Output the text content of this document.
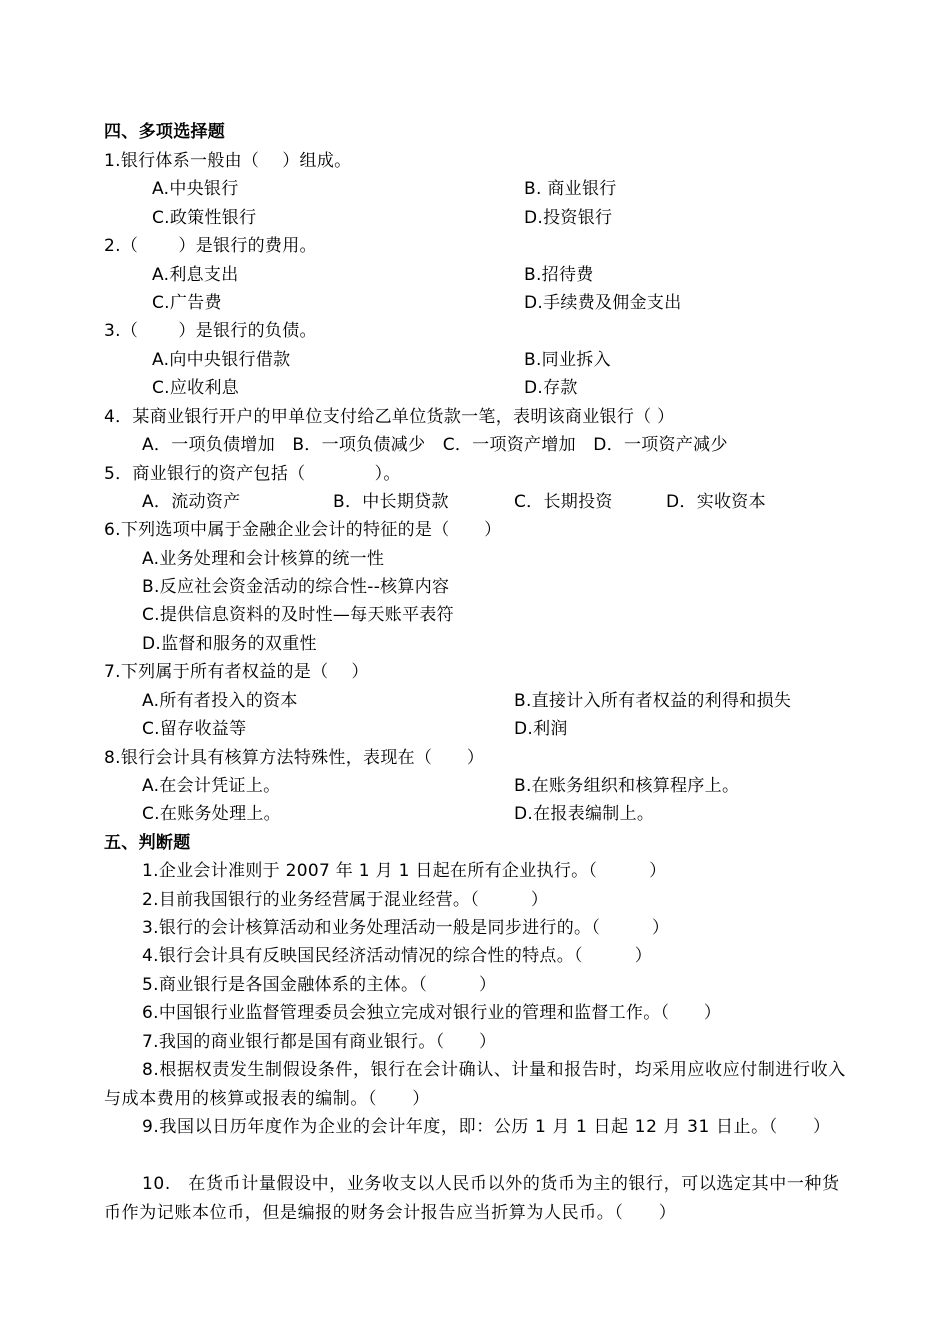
四、多项选择题
1.银行体系一般由（　 ）组成。
A.中央银行	B. 商业银行
C.政策性银行	D.投资银行
2.（　　 ）是银行的费用。
A.利息支出	B.招待费
C.广告费	D.手续费及佣金支出
3.（　　 ）是银行的负债。
A.向中央银行借款	B.同业拆入
C.应收利息	D.存款
4．某商业银行开户的甲单位支付给乙单位货款一笔，表明该商业银行（ ）
A．一项负债增加　B．一项负债减少　C．一项资产增加　D．一项资产减少
5．商业银行的资产包括（　　　　）。
A．流动资产	B．中长期贷款	C．长期投资	D．实收资本
6.下列选项中属于金融企业会计的特征的是（　　）
A.业务处理和会计核算的统一性
B.反应社会资金活动的综合性--核算内容
C.提供信息资料的及时性—每天账平表符
D.监督和服务的双重性
7.下列属于所有者权益的是（　 ）
A.所有者投入的资本	B.直接计入所有者权益的利得和损失
C.留存收益等	D.利润
8.银行会计具有核算方法特殊性，表现在（　　）
A.在会计凭证上。	B.在账务组织和核算程序上。
C.在账务处理上。	D.在报表编制上。
五、判断题
1.企业会计准则于 2007 年 1 月 1 日起在所有企业执行。（　　　）
2.目前我国银行的业务经营属于混业经营。（　　　）
3.银行的会计核算活动和业务处理活动一般是同步进行的。（　　　）
4.银行会计具有反映国民经济活动情况的综合性的特点。（　　　）
5.商业银行是各国金融体系的主体。（　　　）
6.中国银行业监督管理委员会独立完成对银行业的管理和监督工作。（　　）
7.我国的商业银行都是国有商业银行。（　　）
8.根据权责发生制假设条件，银行在会计确认、计量和报告时，均采用应收应付制进行收入与成本费用的核算或报表的编制。（　　）
9.我国以日历年度作为企业的会计年度，即：公历 1 月 1 日起 12 月 31 日止。（　　）
10.　在货币计量假设中，业务收支以人民币以外的货币为主的银行，可以选定其中一种货币作为记账本位币，但是编报的财务会计报告应当折算为人民币。（　　）
